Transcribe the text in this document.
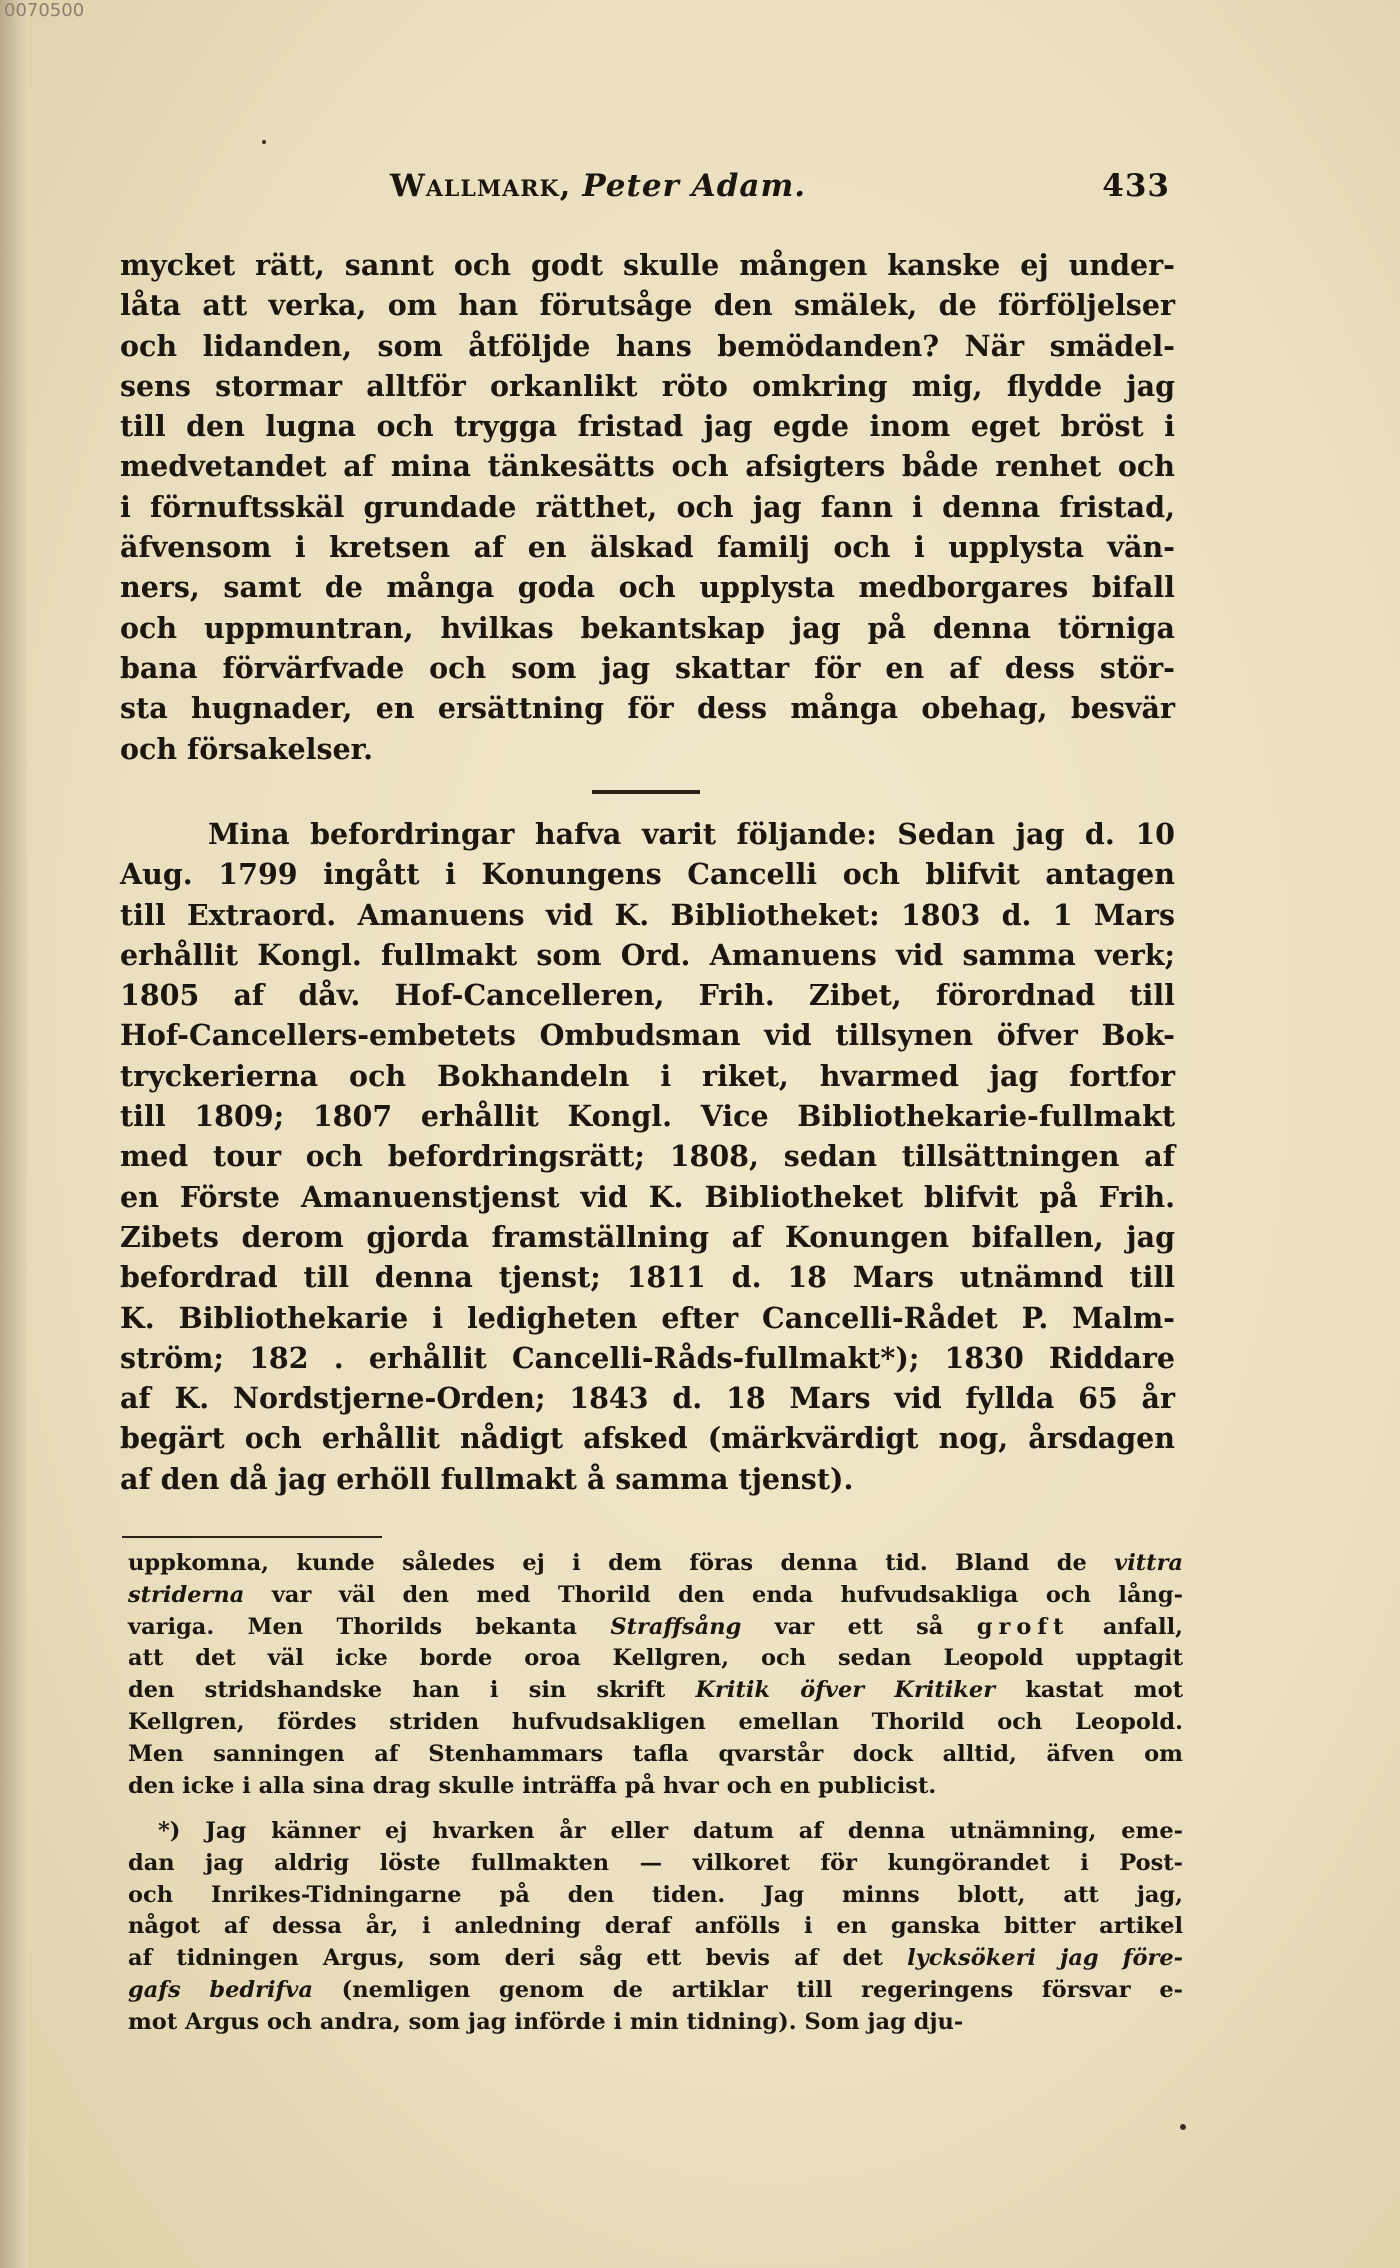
0070500
Wallmark, Peter Adam.	433
mycket rätt, sannt och godt skulle mången kanske ej under-
låta att verka, om han förutsåge den smälek, de förföljelser
och lidanden, som åtföljde hans bemödanden? När smädel-
sens stormar alltför orkanlikt röto omkring mig, flydde jag
till den lugna och trygga fristad jag egde inom eget bröst i
medvetandet af mina tänkesätts och afsigters både renhet och
i förnuftsskäl grundade rätthet, och jag fann i denna fristad,
äfvensom i kretsen af en älskad familj och i upplysta vän-
ners, samt de många goda och upplysta medborgares bifall
och uppmuntran, hvilkas bekantskap jag på denna törniga
bana förvärfvade och som jag skattar för en af dess stör-
sta hugnader, en ersättning för dess många obehag, besvär
och försakelser.
Mina befordringar hafva varit följande: Sedan jag d. 10
Aug. 1799 ingått i Konungens Cancelli och blifvit antagen
till Extraord. Amanuens vid K. Bibliotheket: 1803 d. 1 Mars
erhållit Kongl. fullmakt som Ord. Amanuens vid samma verk;
1805 af dåv. Hof-Cancelleren, Frih. Zibet, förordnad till
Hof-Cancellers-embetets Ombudsman vid tillsynen öfver Bok-
tryckerierna och Bokhandeln i riket, hvarmed jag fortfor
till 1809; 1807 erhållit Kongl. Vice Bibliothekarie-fullmakt
med tour och befordringsrätt; 1808, sedan tillsättningen af
en Förste Amanuenstjenst vid K. Bibliotheket blifvit på Frih.
Zibets derom gjorda framställning af Konungen bifallen, jag
befordrad till denna tjenst; 1811 d. 18 Mars utnämnd till
K. Bibliothekarie i ledigheten efter Cancelli-Rådet P. Malm-
ström; 182 . erhållit Cancelli-Råds-fullmakt*); 1830 Riddare
af K. Nordstjerne-Orden; 1843 d. 18 Mars vid fyllda 65 år
begärt och erhållit nådigt afsked (märkvärdigt nog, årsdagen
af den då jag erhöll fullmakt å samma tjenst).
uppkomna, kunde således ej i dem föras denna tid. Bland de vittra
striderna var väl den med Thorild den enda hufvudsakliga och lång-
variga. Men Thorilds bekanta Straffsång var ett så groft anfall,
att det väl icke borde oroa Kellgren, och sedan Leopold upptagit
den stridshandske han i sin skrift Kritik öfver Kritiker kastat mot
Kellgren, fördes striden hufvudsakligen emellan Thorild och Leopold.
Men sanningen af Stenhammars tafla qvarstår dock alltid, äfven om
den icke i alla sina drag skulle inträffa på hvar och en publicist.
*) Jag känner ej hvarken år eller datum af denna utnämning, eme-
dan jag aldrig löste fullmakten — vilkoret för kungörandet i Post-
och Inrikes-Tidningarne på den tiden. Jag minns blott, att jag,
något af dessa år, i anledning deraf anfölls i en ganska bitter artikel
af tidningen Argus, som deri såg ett bevis af det lycksökeri jag före-
gafs bedrifva (nemligen genom de artiklar till regeringens försvar e-
mot Argus och andra, som jag införde i min tidning). Som jag dju-
